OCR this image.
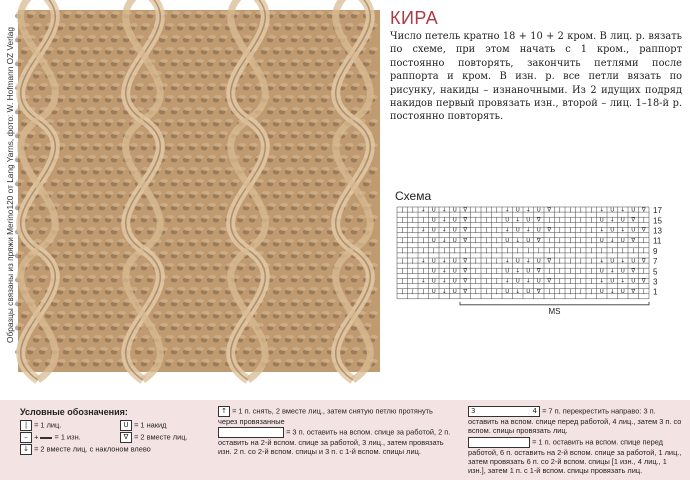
Образцы связаны из пряжи Merino120 от Lang Yarns, фото: W. Hofmann OZ Verlag
КИРА
Число петель кратно 18 + 10 + 2 кром. В лиц. р. вязать по схеме, при этом начать с 1 кром., раппорт постоянно повторять, закончить петлями после раппорта и кром. В изн. р. все петли вязать по рисунку, накиды – изнаночными. Из 2 идущих подряд накидов первый провязать изн., второй – лиц. 1–18-й р. постоянно повторять.
Схема
| | ↓ U ↓ U ∇ | | | ↓ U ↓ U ∇ | | | | ↓ U ↓ U ∇ 17
| | | U ↓ U ∇ | | | U ↓ U ∇ | | | | | U ↓ U ∇ | 15
| | ↓ U ↓ U ∇ | | | ↓ U ↓ U ∇ | | | | ↓ U ↓ U ∇ 13
| | | U ↓ U ∇ | | | U ↓ U ∇ | | | | | U ↓ U ∇ | 11
| | | | | | | | | | | | | | | | | | | | | | | | 9
| | ↓ U ↓ U ∇ | | | ↓ U ↓ U ∇ | | | | ↓ U ↓ U ∇ 7
| | | U ↓ U ∇ | | | U ↓ U ∇ | | | | | U ↓ U ∇ | 5
| | ↓ U ↓ U ∇ | | | ↓ U ↓ U ∇ | | | | ↓ U ↓ U ∇ 3
| | | U ↓ U ∇ | | | U ↓ U ∇ | | | | | U ↓ U ∇ | 1
MS
Условные обозначения:
| = 1 лиц.
– + = 1 изн.
↓ = 2 вместе лиц. с наклоном влево
U = 1 накид
∇ = 2 вместе лиц.
↑ = 1 п. снять, 2 вместе лиц., затем снятую петлю протянуть через провязанные
= 3 п. оставить на вспом. спице за работой, 2 п. оставить на 2-й вспом. спице за работой, 3 лиц., затем провязать изн. 2 п. со 2-й вспом. спицы и 3 п. с 1-й вспом. спицы лиц.
3	4 = 7 п. перекрестить направо: 3 п. оставить на вспом. спице перед работой, 4 лиц., затем 3 п. со вспом. спицы провязать лиц.
= 1 п. оставить на вспом. спице перед работой, 6 п. оставить на 2-й вспом. спице за работой, 1 лиц., затем провязать 6 п. со 2-й вспом. спицы [1 изн., 4 лиц., 1 изн.], затем 1 п. с 1-й вспом. спицы провязать лиц.
